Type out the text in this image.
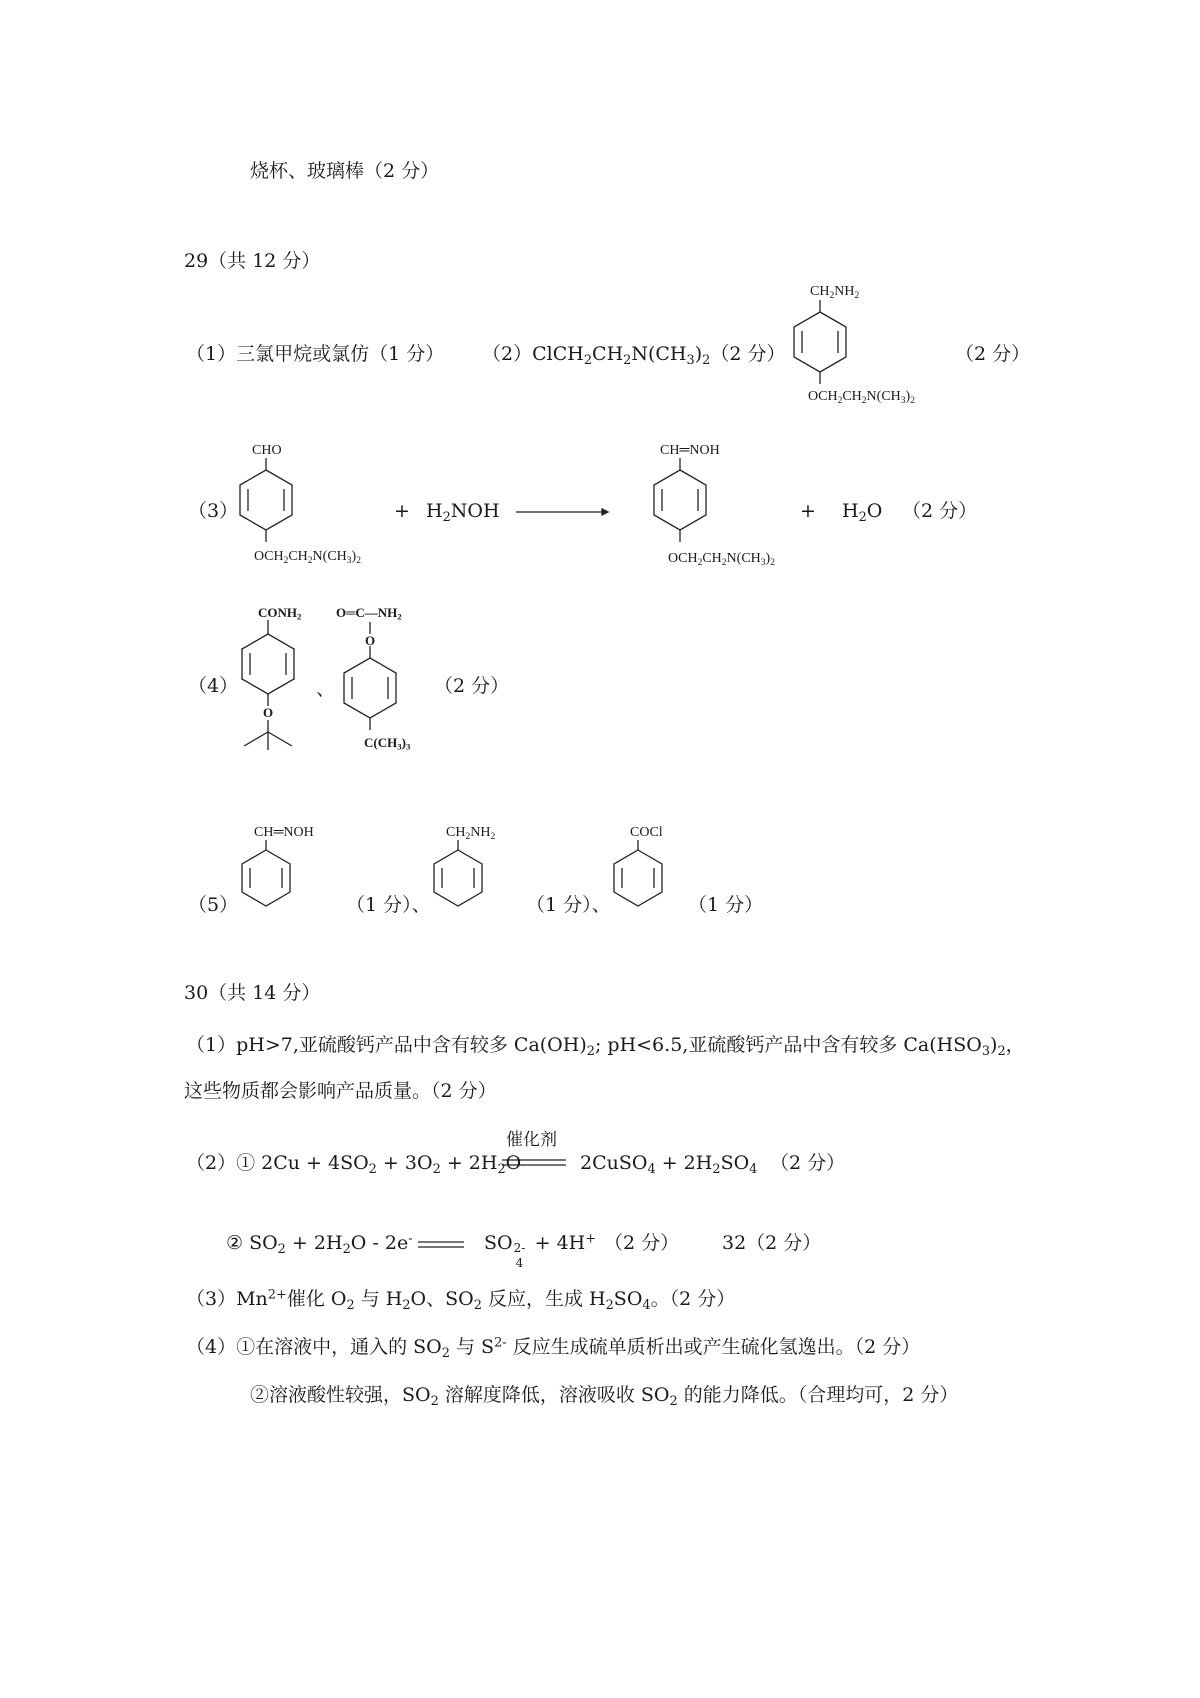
烧杯、玻璃棒（2 分）
29（共 12 分）
（1）三氯甲烷或氯仿（1 分） $(2)ClCH_2CH_2N(CH_3)_2(2$ 分）
$CH_2NH_2$
$OCH_2CH_2N(CH_3)_2$
（2 分）
（3）
CHO
$OCH_2CH_2N(CH_3)_2$
+ $H_2NOH$
CH═NOH
$OCH_2CH_2N(CH_3)_2$
+ $H_2O$ （2 分）
（4）
$CONH_2$
O
、
$O═C—NH_2$
O
$C(CH_3)_3$
（2 分）
（5）
CH═NOH
（1 分）、
$CH_2NH_2$
（1 分）、
COCl
（1 分）
30（共 14 分）
（1）pH>7,亚硫酸钙产品中含有较多 $Ca(OH)_2$; pH<6.5,亚硫酸钙产品中含有较多 $Ca(HSO_3)_2$，
这些物质都会影响产品质量。（2 分）
（2）① $2Cu + 4SO_2 + 3O_2 + 2H_2O$
催化剂
2CuSO$_4$ + $2H_2SO_4$ （2 分）
② $SO_2 + 2H_2O - 2e^-$	SO 2-
4
+ 4H+ （2 分） 32（2 分）
$(3)Mn^{2+}$催化 $O_2$ 与 $H_2O$、$SO_2$ 反应，生成 $H_2SO_4$。（2 分）
（4）①在溶液中，通入的 $SO_2$ 与 $S^{2-}$ 反应生成硫单质析出或产生硫化氢逸出。（2 分）
②溶液酸性较强，$SO_2$ 溶解度降低，溶液吸收 $SO_2$ 的能力降低。（合理均可，2 分）
